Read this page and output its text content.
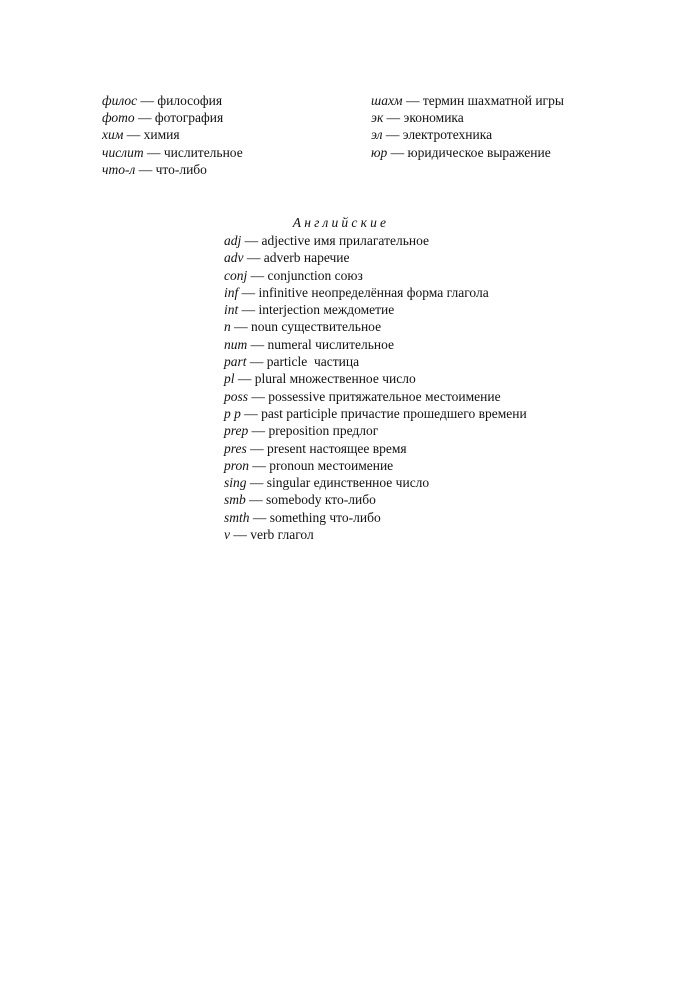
филос — философия
фото — фотография
хим — химия
числит — числительное
что-л — что-либо
шахм — термин шахматной игры
эк — экономика
эл — электротехника
юр — юридическое выражение
Английские
adj — adjective имя прилагательное
adv — adverb наречие
conj — conjunction союз
inf — infinitive неопределённая форма глагола
int — interjection междометие
n — noun существительное
num — numeral числительное
part — particle  частица
pl — plural множественное число
poss — possessive притяжательное местоимение
p p — past participle причастие прошедшего времени
prep — preposition предлог
pres — present настоящее время
pron — pronoun местоимение
sing — singular единственное число
smb — somebody кто-либо
smth — something что-либо
v — verb глагол
